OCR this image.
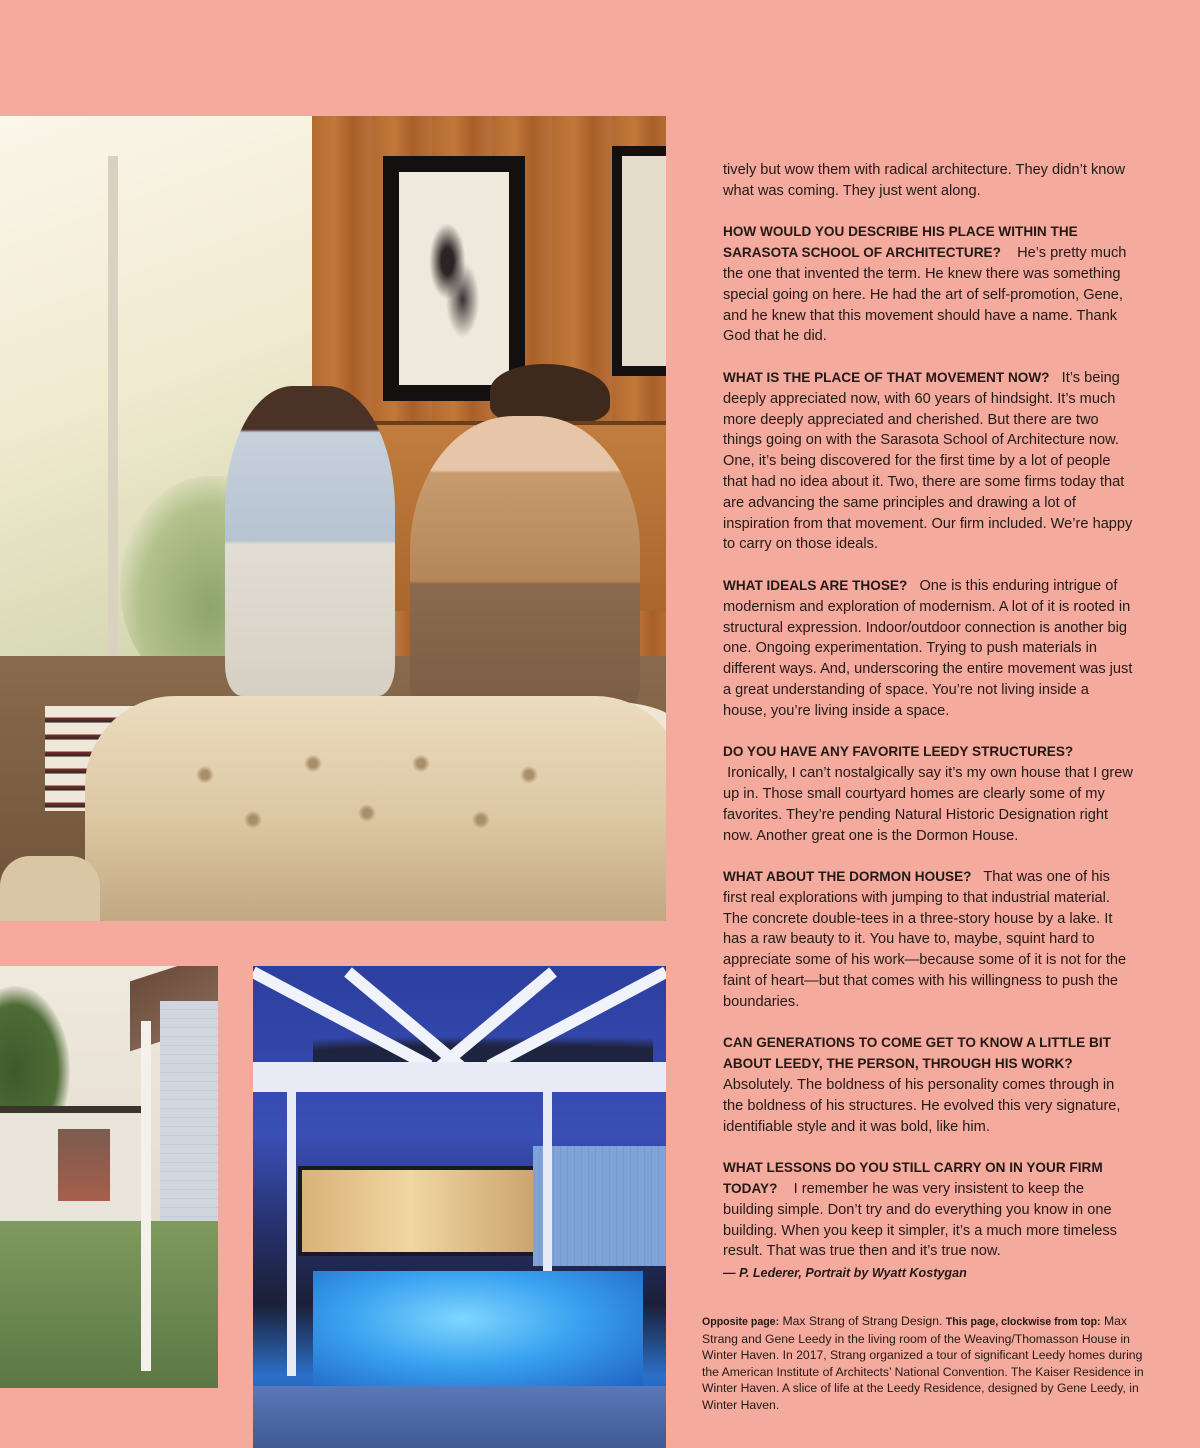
tively but wow them with radical architecture. They didn’t know what was coming. They just went along.
HOW WOULD YOU DESCRIBE HIS PLACE WITHIN THE SARASOTA SCHOOL OF ARCHITECTURE? He’s pretty much the one that invented the term. He knew there was something special going on here. He had the art of self-promotion, Gene, and he knew that this movement should have a name. Thank God that he did.
WHAT IS THE PLACE OF THAT MOVEMENT NOW? It’s being deeply appreciated now, with 60 years of hindsight. It’s much more deeply appreciated and cherished. But there are two things going on with the Sarasota School of Architecture now. One, it’s being discovered for the first time by a lot of people that had no idea about it. Two, there are some firms today that are advancing the same principles and drawing a lot of inspiration from that movement. Our firm included. We’re happy to carry on those ideals.
WHAT IDEALS ARE THOSE? One is this enduring intrigue of modernism and exploration of modernism. A lot of it is rooted in structural expression. Indoor/outdoor connection is another big one. Ongoing experimentation. Trying to push materials in different ways. And, underscoring the entire movement was just a great understanding of space. You’re not living inside a house, you’re living inside a space.
DO YOU HAVE ANY FAVORITE LEEDY STRUCTURES?
Ironically, I can’t nostalgically say it’s my own house that I grew up in. Those small courtyard homes are clearly some of my favorites. They’re pending Natural Historic Designation right now. Another great one is the Dormon House.
WHAT ABOUT THE DORMON HOUSE? That was one of his first real explorations with jumping to that industrial material. The concrete double-tees in a three-story house by a lake. It has a raw beauty to it. You have to, maybe, squint hard to appreciate some of his work—because some of it is not for the faint of heart—but that comes with his willingness to push the boundaries.
CAN GENERATIONS TO COME GET TO KNOW A LITTLE BIT ABOUT LEEDY, THE PERSON, THROUGH HIS WORK?   Absolutely. The boldness of his personality comes through in the boldness of his structures. He evolved this very signature, identifiable style and it was bold, like him.
WHAT LESSONS DO YOU STILL CARRY ON IN YOUR FIRM TODAY? I remember he was very insistent to keep the building simple. Don’t try and do everything you know in one building. When you keep it simpler, it’s a much more timeless result. That was true then and it’s true now.
— P. Lederer, Portrait by Wyatt Kostygan
Opposite page: Max Strang of Strang Design. This page, clockwise from top: Max Strang and Gene Leedy in the living room of the Weaving/Thomasson House in Winter Haven. In 2017, Strang organized a tour of significant Leedy homes during the American Institute of Architects’ National Convention. The Kaiser Residence in Winter Haven. A slice of life at the Leedy Residence, designed by Gene Leedy, in Winter Haven.
